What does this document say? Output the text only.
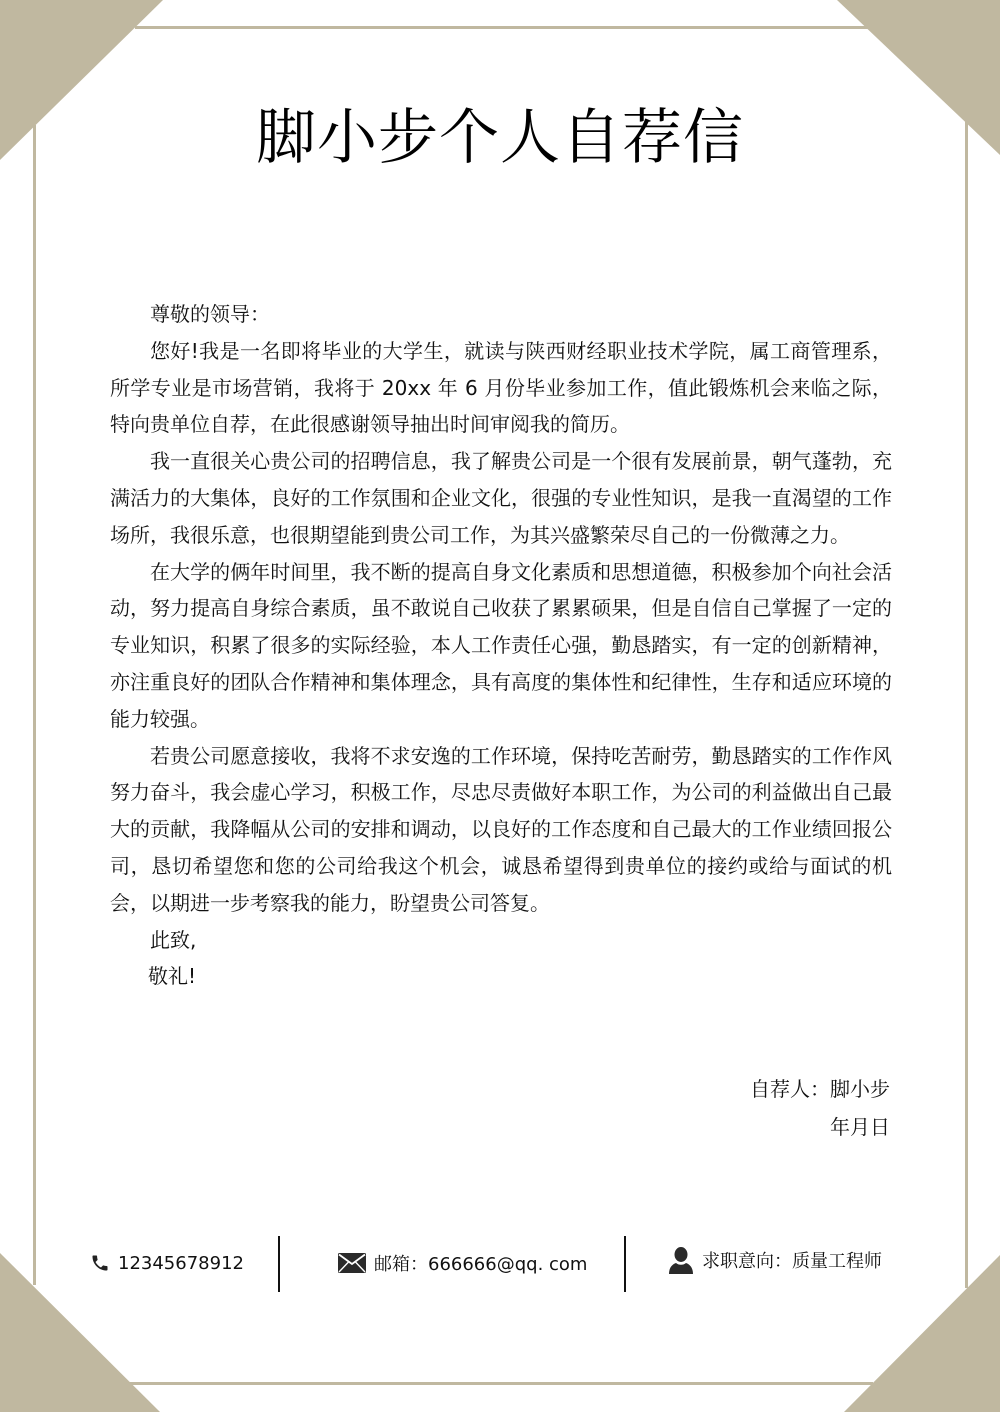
脚小步个人自荐信

尊敬的领导：

您好!我是一名即将毕业的大学生，就读与陕西财经职业技术学院，属工商管理系，所学专业是市场营销，我将于 20xx 年 6 月份毕业参加工作，值此锻炼机会来临之际，特向贵单位自荐，在此很感谢领导抽出时间审阅我的简历。

我一直很关心贵公司的招聘信息，我了解贵公司是一个很有发展前景，朝气蓬勃，充满活力的大集体，良好的工作氛围和企业文化，很强的专业性知识，是我一直渴望的工作场所，我很乐意，也很期望能到贵公司工作，为其兴盛繁荣尽自己的一份微薄之力。

在大学的俩年时间里，我不断的提高自身文化素质和思想道德，积极参加个向社会活动，努力提高自身综合素质，虽不敢说自己收获了累累硕果，但是自信自己掌握了一定的专业知识，积累了很多的实际经验，本人工作责任心强，勤恳踏实，有一定的创新精神，亦注重良好的团队合作精神和集体理念，具有高度的集体性和纪律性，生存和适应环境的能力较强。

若贵公司愿意接收，我将不求安逸的工作环境，保持吃苦耐劳，勤恳踏实的工作作风努力奋斗，我会虚心学习，积极工作，尽忠尽责做好本职工作，为公司的利益做出自己最大的贡献，我降幅从公司的安排和调动，以良好的工作态度和自己最大的工作业绩回报公司，恳切希望您和您的公司给我这个机会，诚恳希望得到贵单位的接约或给与面试的机会，以期进一步考察我的能力，盼望贵公司答复。

此致,

敬礼!

自荐人：脚小步
年月日
12345678912	邮箱：666666@qq. com	求职意向：质量工程师
